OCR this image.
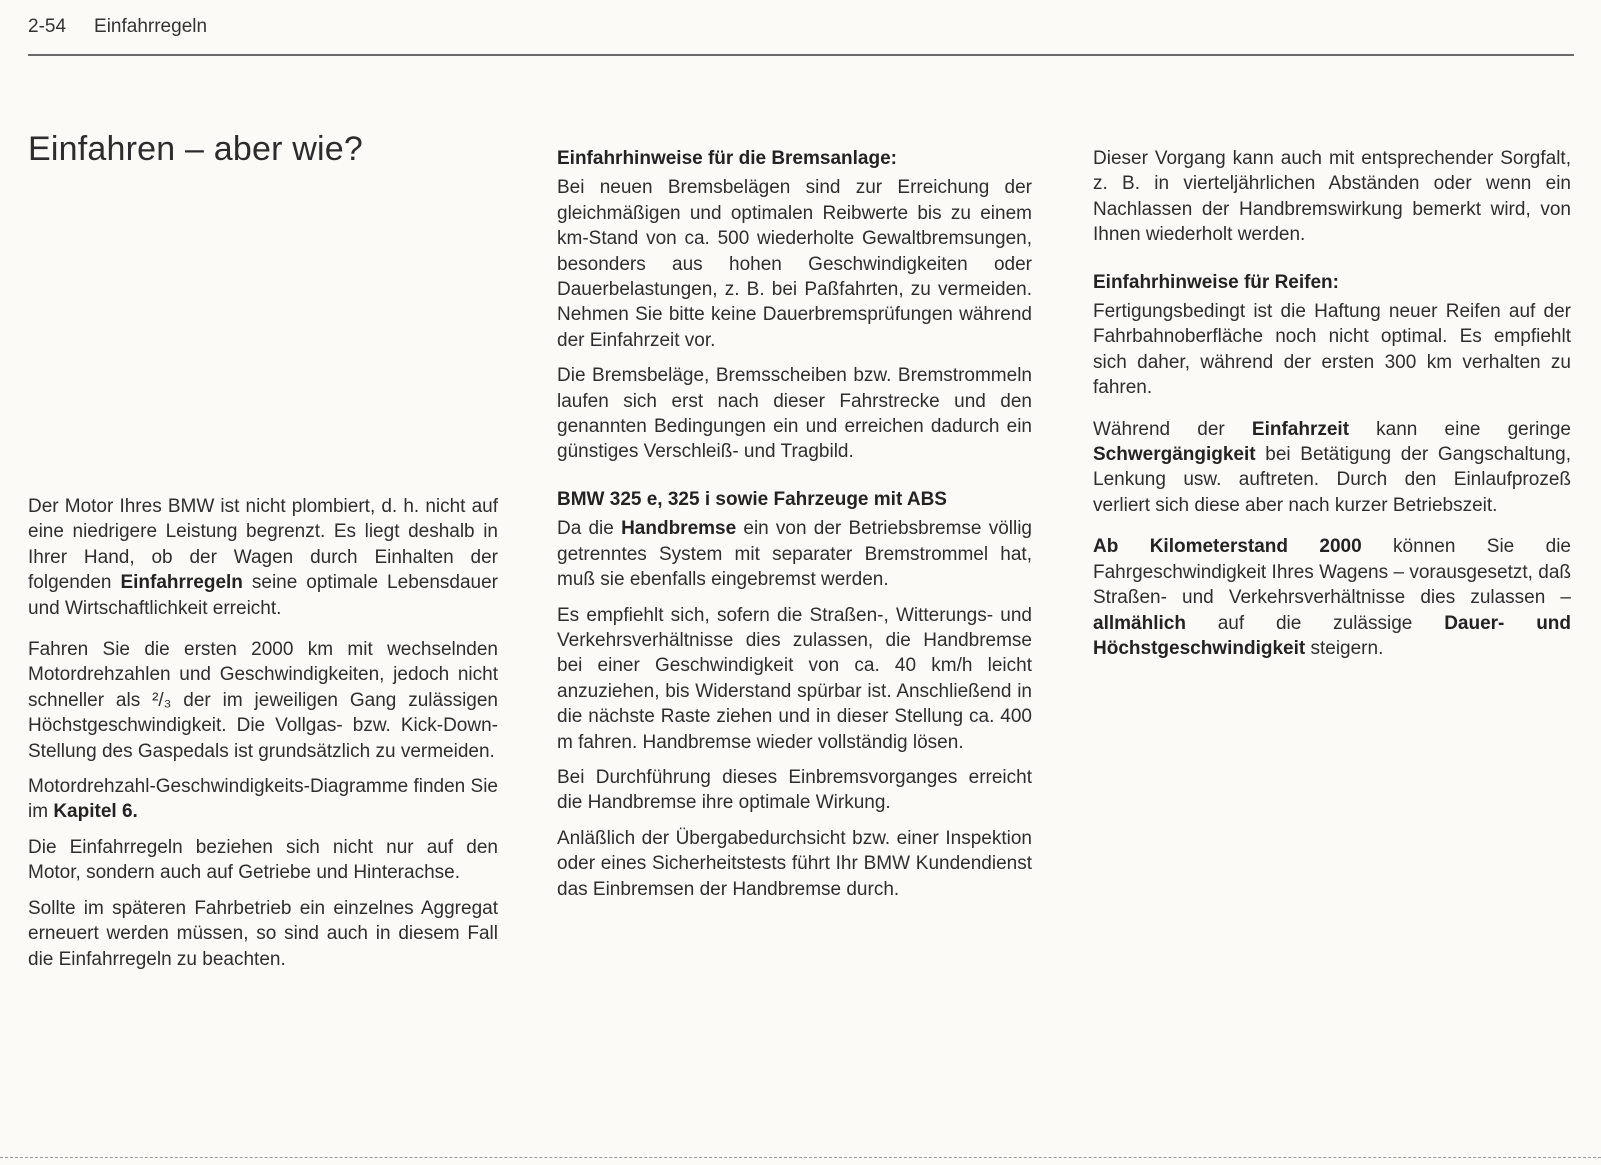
2-54 Einfahrregeln
Einfahren – aber wie?

Der Motor Ihres BMW ist nicht plombiert, d. h. nicht auf eine niedrigere Leistung begrenzt. Es liegt deshalb in Ihrer Hand, ob der Wagen durch Einhalten der folgenden Einfahrregeln seine optimale Lebensdauer und Wirtschaftlichkeit erreicht.

Fahren Sie die ersten 2000 km mit wechselnden Motordrehzahlen und Geschwindigkeiten, jedoch nicht schneller als ²/₃ der im jeweiligen Gang zulässigen Höchstgeschwindigkeit. Die Vollgas- bzw. Kick-Down-Stellung des Gaspedals ist grundsätzlich zu vermeiden.

Motordrehzahl-Geschwindigkeits-Diagramme finden Sie im Kapitel 6.

Die Einfahrregeln beziehen sich nicht nur auf den Motor, sondern auch auf Getriebe und Hinterachse.

Sollte im späteren Fahrbetrieb ein einzelnes Aggregat erneuert werden müssen, so sind auch in diesem Fall die Einfahrregeln zu beachten.

Einfahrhinweise für die Bremsanlage:

Bei neuen Bremsbelägen sind zur Erreichung der gleichmäßigen und optimalen Reibwerte bis zu einem km-Stand von ca. 500 wiederholte Gewaltbremsungen, besonders aus hohen Geschwindigkeiten oder Dauerbelastungen, z. B. bei Paßfahrten, zu vermeiden. Nehmen Sie bitte keine Dauerbremsprüfungen während der Einfahrzeit vor.

Die Bremsbeläge, Bremsscheiben bzw. Bremstrommeln laufen sich erst nach dieser Fahrstrecke und den genannten Bedingungen ein und erreichen dadurch ein günstiges Verschleiß- und Tragbild.

BMW 325 e, 325 i sowie Fahrzeuge mit ABS

Da die Handbremse ein von der Betriebsbremse völlig getrenntes System mit separater Bremstrommel hat, muß sie ebenfalls eingebremst werden.

Es empfiehlt sich, sofern die Straßen-, Witterungs- und Verkehrsverhältnisse dies zulassen, die Handbremse bei einer Geschwindigkeit von ca. 40 km/h leicht anzuziehen, bis Widerstand spürbar ist. Anschließend in die nächste Raste ziehen und in dieser Stellung ca. 400 m fahren. Handbremse wieder vollständig lösen.

Bei Durchführung dieses Einbremsvorganges erreicht die Handbremse ihre optimale Wirkung.

Anläßlich der Übergabedurchsicht bzw. einer Inspektion oder eines Sicherheitstests führt Ihr BMW Kundendienst das Einbremsen der Handbremse durch.

Dieser Vorgang kann auch mit entsprechender Sorgfalt, z. B. in vierteljährlichen Abständen oder wenn ein Nachlassen der Handbremswirkung bemerkt wird, von Ihnen wiederholt werden.

Einfahrhinweise für Reifen:

Fertigungsbedingt ist die Haftung neuer Reifen auf der Fahrbahnoberfläche noch nicht optimal. Es empfiehlt sich daher, während der ersten 300 km verhalten zu fahren.

Während der Einfahrzeit kann eine geringe Schwergängigkeit bei Betätigung der Gangschaltung, Lenkung usw. auftreten. Durch den Einlaufprozeß verliert sich diese aber nach kurzer Betriebszeit.

Ab Kilometerstand 2000 können Sie die Fahrgeschwindigkeit Ihres Wagens – vorausgesetzt, daß Straßen- und Verkehrsverhältnisse dies zulassen – allmählich auf die zulässige Dauer- und Höchstgeschwindigkeit steigern.
